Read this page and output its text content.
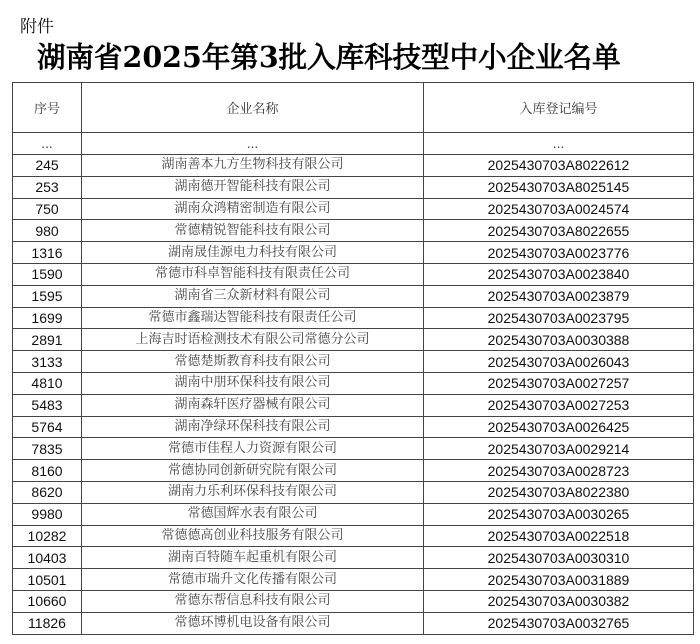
附件
湖南省2025年第3批入库科技型中小企业名单
序号	企业名称	入库登记编号
...	...	...
245	湖南善本九方生物科技有限公司	2025430703A8022612
253	湖南德开智能科技有限公司	2025430703A8025145
750	湖南众鸿精密制造有限公司	2025430703A0024574
980	常德精锐智能科技有限公司	2025430703A8022655
1316	湖南晟佳源电力科技有限公司	2025430703A0023776
1590	常德市科卓智能科技有限责任公司	2025430703A0023840
1595	湖南省三众新材料有限公司	2025430703A0023879
1699	常德市鑫瑞达智能科技有限责任公司	2025430703A0023795
2891	上海吉时语检测技术有限公司常德分公司	2025430703A0030388
3133	常德楚斯教育科技有限公司	2025430703A0026043
4810	湖南中朋环保科技有限公司	2025430703A0027257
5483	湖南森轩医疗器械有限公司	2025430703A0027253
5764	湖南净绿环保科技有限公司	2025430703A0026425
7835	常德市佳程人力资源有限公司	2025430703A0029214
8160	常德协同创新研究院有限公司	2025430703A0028723
8620	湖南力乐利环保科技有限公司	2025430703A8022380
9980	常德国辉水表有限公司	2025430703A0030265
10282	常德德高创业科技服务有限公司	2025430703A0022518
10403	湖南百特随车起重机有限公司	2025430703A0030310
10501	常德市瑞升文化传播有限公司	2025430703A0031889
10660	常德东帮信息科技有限公司	2025430703A0030382
11826	常德环博机电设备有限公司	2025430703A0032765
